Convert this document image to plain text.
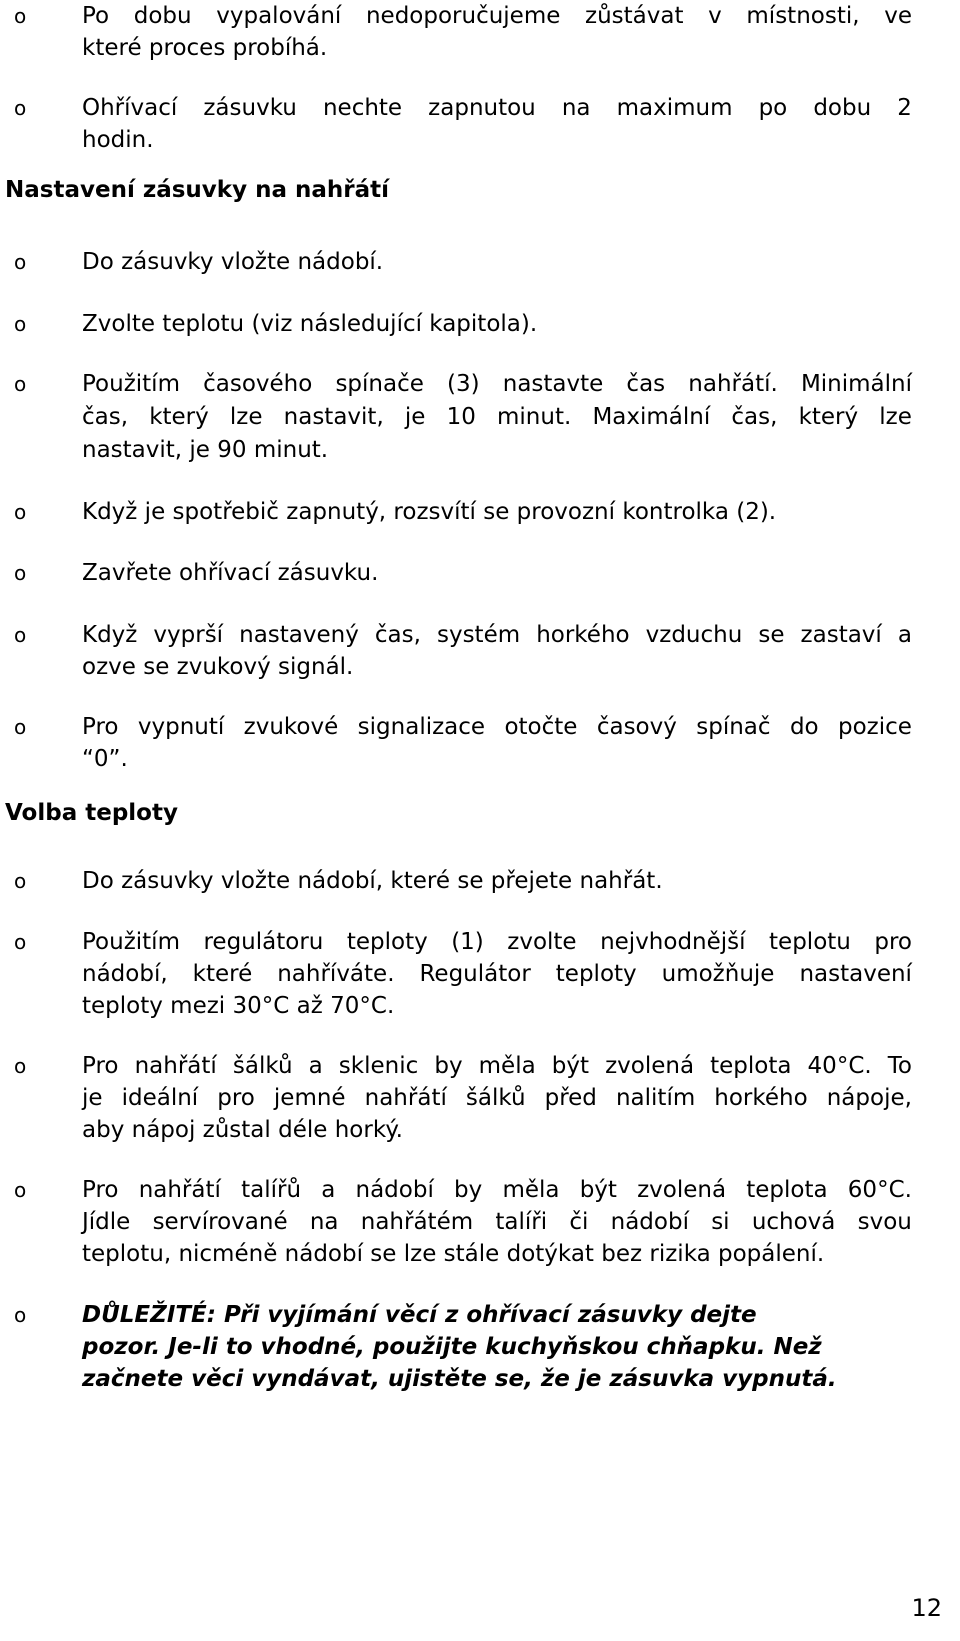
o Po dobu vypalování nedoporučujeme zůstávat v místnosti, ve
které proces probíhá.
o Ohřívací zásuvku nechte zapnutou na maximum po dobu 2
hodin.
Nastavení zásuvky na nahřátí
o Do zásuvky vložte nádobí.
o Zvolte teplotu (viz následující kapitola).
o Použitím časového spínače (3) nastavte čas nahřátí. Minimální
čas, který lze nastavit, je 10 minut. Maximální čas, který lze
nastavit, je 90 minut.
o Když je spotřebič zapnutý, rozsvítí se provozní kontrolka (2).
o Zavřete ohřívací zásuvku.
o Když vyprší nastavený čas, systém horkého vzduchu se zastaví a
ozve se zvukový signál.
o Pro vypnutí zvukové signalizace otočte časový spínač do pozice
“0”.
Volba teploty
o Do zásuvky vložte nádobí, které se přejete nahřát.
o Použitím regulátoru teploty (1) zvolte nejvhodnější teplotu pro
nádobí, které nahříváte. Regulátor teploty umožňuje nastavení
teploty mezi 30°C až 70°C.
o Pro nahřátí šálků a sklenic by měla být zvolená teplota 40°C. To
je ideální pro jemné nahřátí šálků před nalitím horkého nápoje,
aby nápoj zůstal déle horký.
o Pro nahřátí talířů a nádobí by měla být zvolená teplota 60°C.
Jídle servírované na nahřátém talíři či nádobí si uchová svou
teplotu, nicméně nádobí se lze stále dotýkat bez rizika popálení.
o DŮLEŽITÉ: Při vyjímání věcí z ohřívací zásuvky dejte
pozor. Je-li to vhodné, použijte kuchyňskou chňapku. Než
začnete věci vyndávat, ujistěte se, že je zásuvka vypnutá.
12
